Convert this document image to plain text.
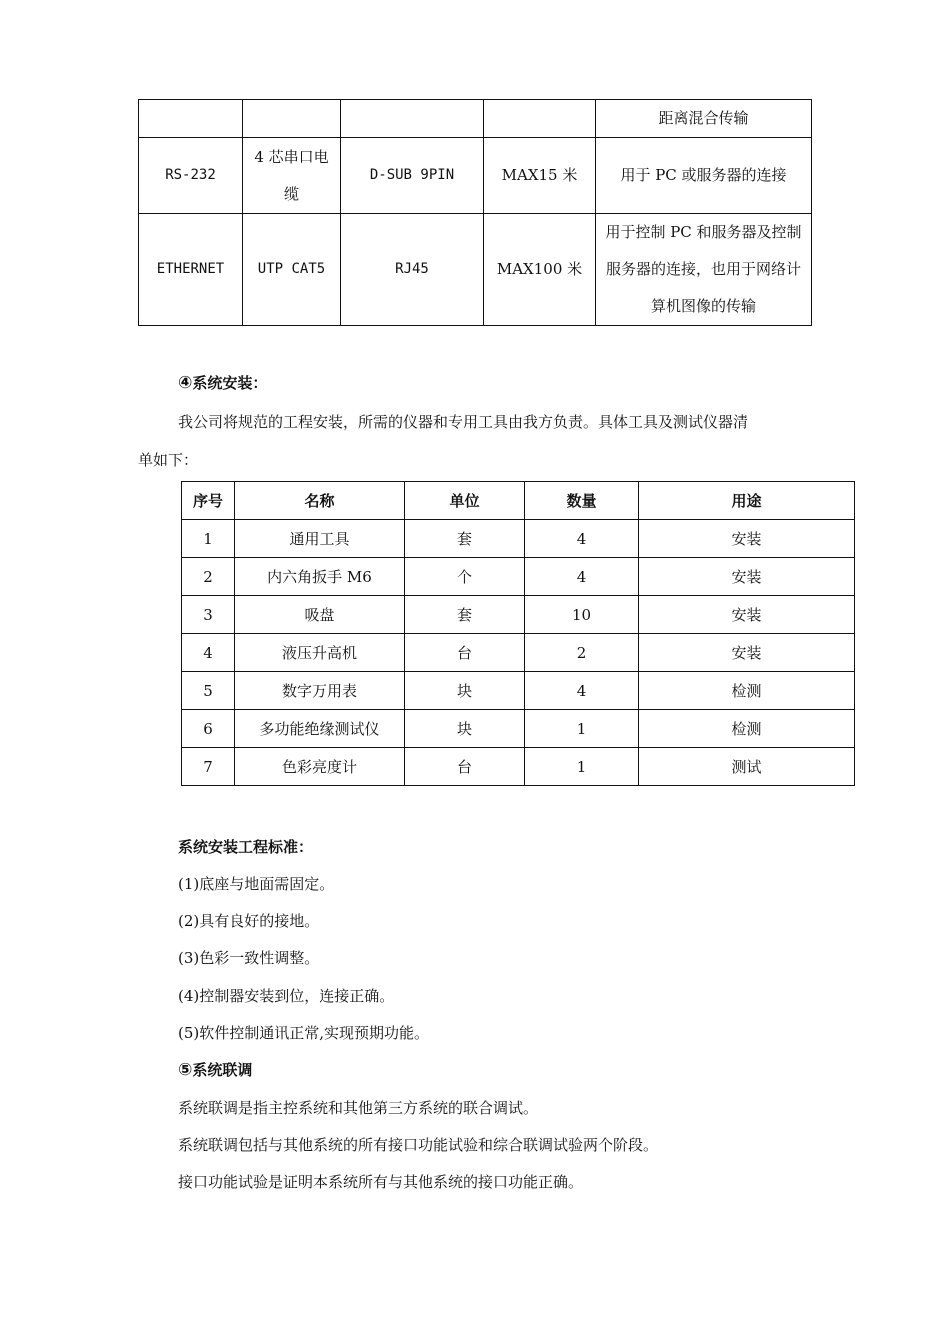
				距离混合传输
RS-232	4 芯串口电缆	D-SUB 9PIN	MAX15 米	用于 PC 或服务器的连接
ETHERNET	UTP CAT5	RJ45	MAX100 米	用于控制 PC 和服务器及控制服务器的连接，也用于网络计算机图像的传输
④系统安装：
我公司将规范的工程安装，所需的仪器和专用工具由我方负责。具体工具及测试仪器清
单如下：
序号	名称	单位	数量	用途
1	通用工具	套	4	安装
2	内六角扳手 M6	个	4	安装
3	吸盘	套	10	安装
4	液压升高机	台	2	安装
5	数字万用表	块	4	检测
6	多功能绝缘测试仪	块	1	检测
7	色彩亮度计	台	1	测试
系统安装工程标准：
(1)底座与地面需固定。
(2)具有良好的接地。
(3)色彩一致性调整。
(4)控制器安装到位，连接正确。
(5)软件控制通讯正常,实现预期功能。
⑤系统联调
系统联调是指主控系统和其他第三方系统的联合调试。
系统联调包括与其他系统的所有接口功能试验和综合联调试验两个阶段。
接口功能试验是证明本系统所有与其他系统的接口功能正确。
